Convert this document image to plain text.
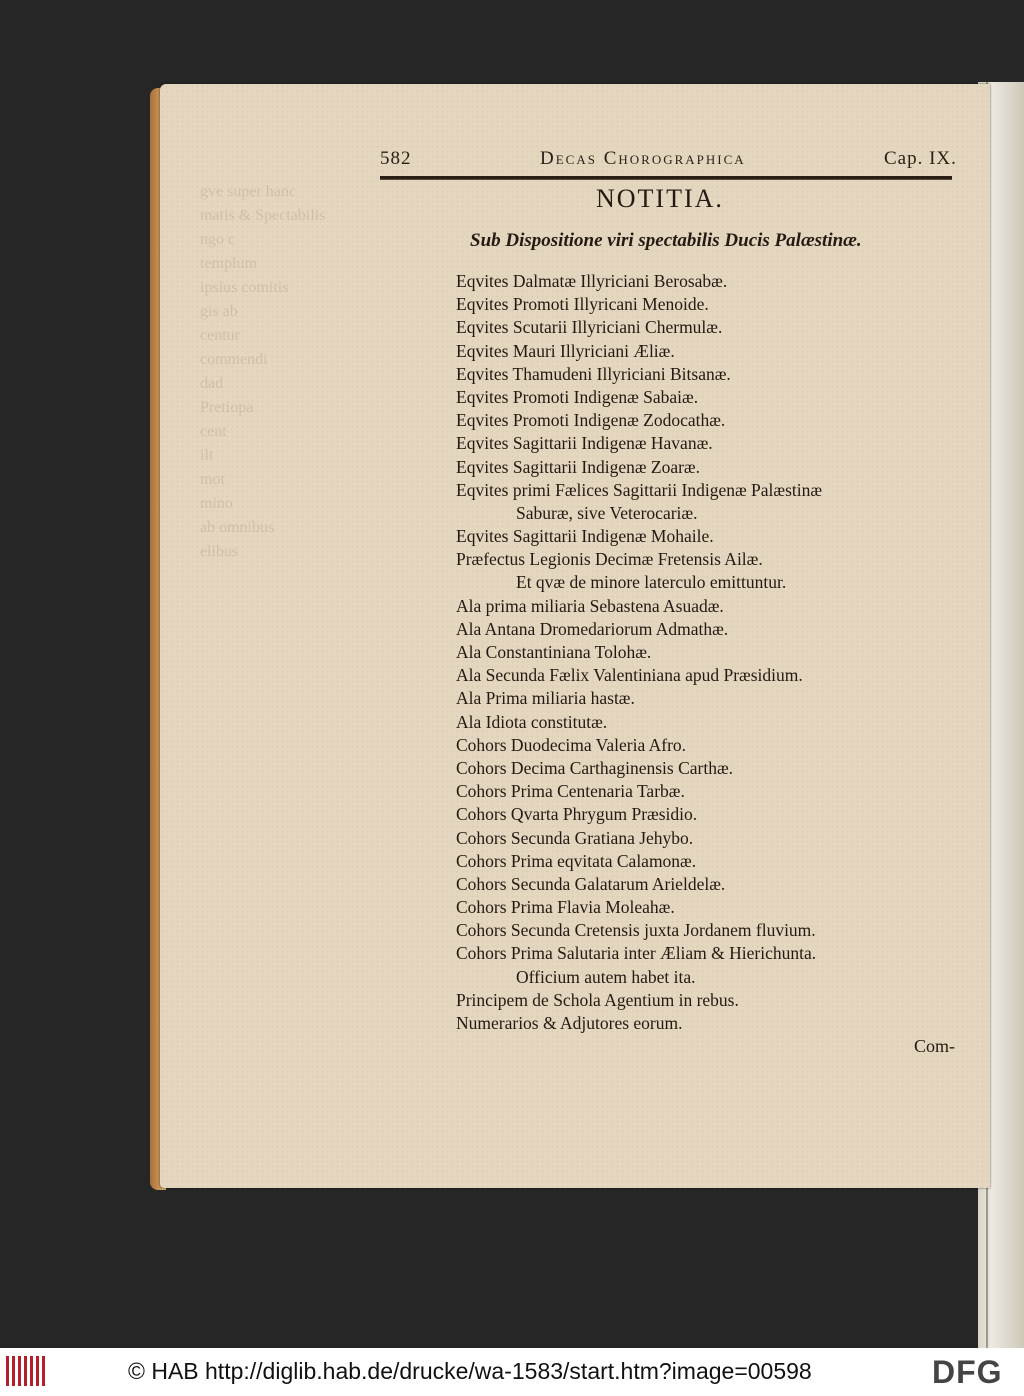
gve super hanc
matis & Spectabilis
ngo c
templum
ipsius comitis
gis ab
centur
commendi
dad
Pretiopa
cent
ilt
mot
mino
ab omnibus
elibus
582	Decas Chorographica	Cap. IX.
NOTITIA.
Sub Dispositione viri spectabilis Ducis Palæstinæ.
Eqvites Dalmatæ Illyriciani Berosabæ.
Eqvites Promoti Illyricani Menoide.
Eqvites Scutarii Illyriciani Chermulæ.
Eqvites Mauri Illyriciani Æliæ.
Eqvites Thamudeni Illyriciani Bitsanæ.
Eqvites Promoti Indigenæ Sabaiæ.
Eqvites Promoti Indigenæ Zodocathæ.
Eqvites Sagittarii Indigenæ Havanæ.
Eqvites Sagittarii Indigenæ Zoaræ.
Eqvites primi Fælices Sagittarii Indigenæ Palæstinæ
Saburæ, sive Veterocariæ.
Eqvites Sagittarii Indigenæ Mohaile.
Præfectus Legionis Decimæ Fretensis Ailæ.
Et qvæ de minore laterculo emittuntur.
Ala prima miliaria Sebastena Asuadæ.
Ala Antana Dromedariorum Admathæ.
Ala Constantiniana Tolohæ.
Ala Secunda Fælix Valentiniana apud Præsidium.
Ala Prima miliaria hastæ.
Ala Idiota constitutæ.
Cohors Duodecima Valeria Afro.
Cohors Decima Carthaginensis Carthæ.
Cohors Prima Centenaria Tarbæ.
Cohors Qvarta Phrygum Præsidio.
Cohors Secunda Gratiana Jehybo.
Cohors Prima eqvitata Calamonæ.
Cohors Secunda Galatarum Arieldelæ.
Cohors Prima Flavia Moleahæ.
Cohors Secunda Cretensis juxta Jordanem fluvium.
Cohors Prima Salutaria inter Æliam & Hierichunta.
Officium autem habet ita.
Principem de Schola Agentium in rebus.
Numerarios & Adjutores eorum.
Com-
© HAB http://diglib.hab.de/drucke/wa-1583/start.htm?image=00598	DFG
